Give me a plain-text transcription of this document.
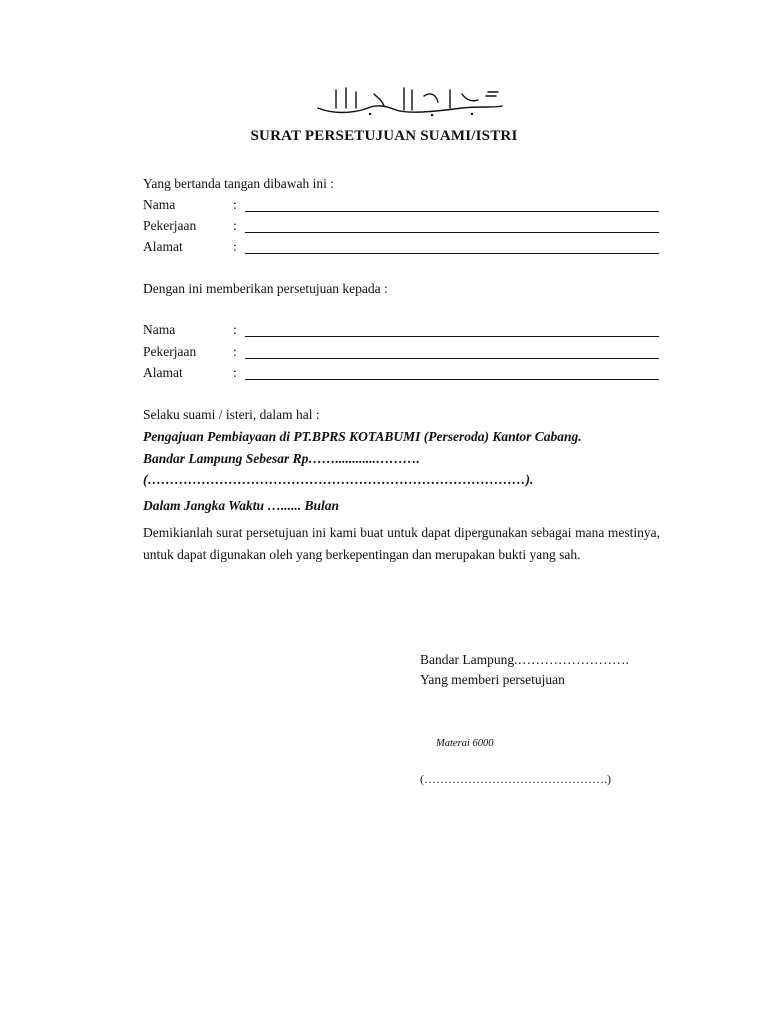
SURAT PERSETUJUAN SUAMI/ISTRI
Yang bertanda tangan dibawah ini :
Nama	:
Pekerjaan	:
Alamat	:
Dengan ini memberikan persetujuan kepada :
Nama	:
Pekerjaan	:
Alamat	:
Selaku suami / isteri, dalam hal :
Pengajuan Pembiayaan di PT.BPRS KOTABUMI (Perseroda) Kantor Cabang.
Bandar Lampung Sebesar Rp……............……….
(…………………………………………………………………………).
Dalam Jangka Waktu …...... Bulan
Demikianlah surat persetujuan ini kami buat untuk dapat dipergunakan sebagai mana mestinya, untuk dapat digunakan oleh yang berkepentingan dan merupakan bukti yang sah.
Bandar Lampung.…………………….
Yang memberi persetujuan
Materai 6000
(……………………………………….)
